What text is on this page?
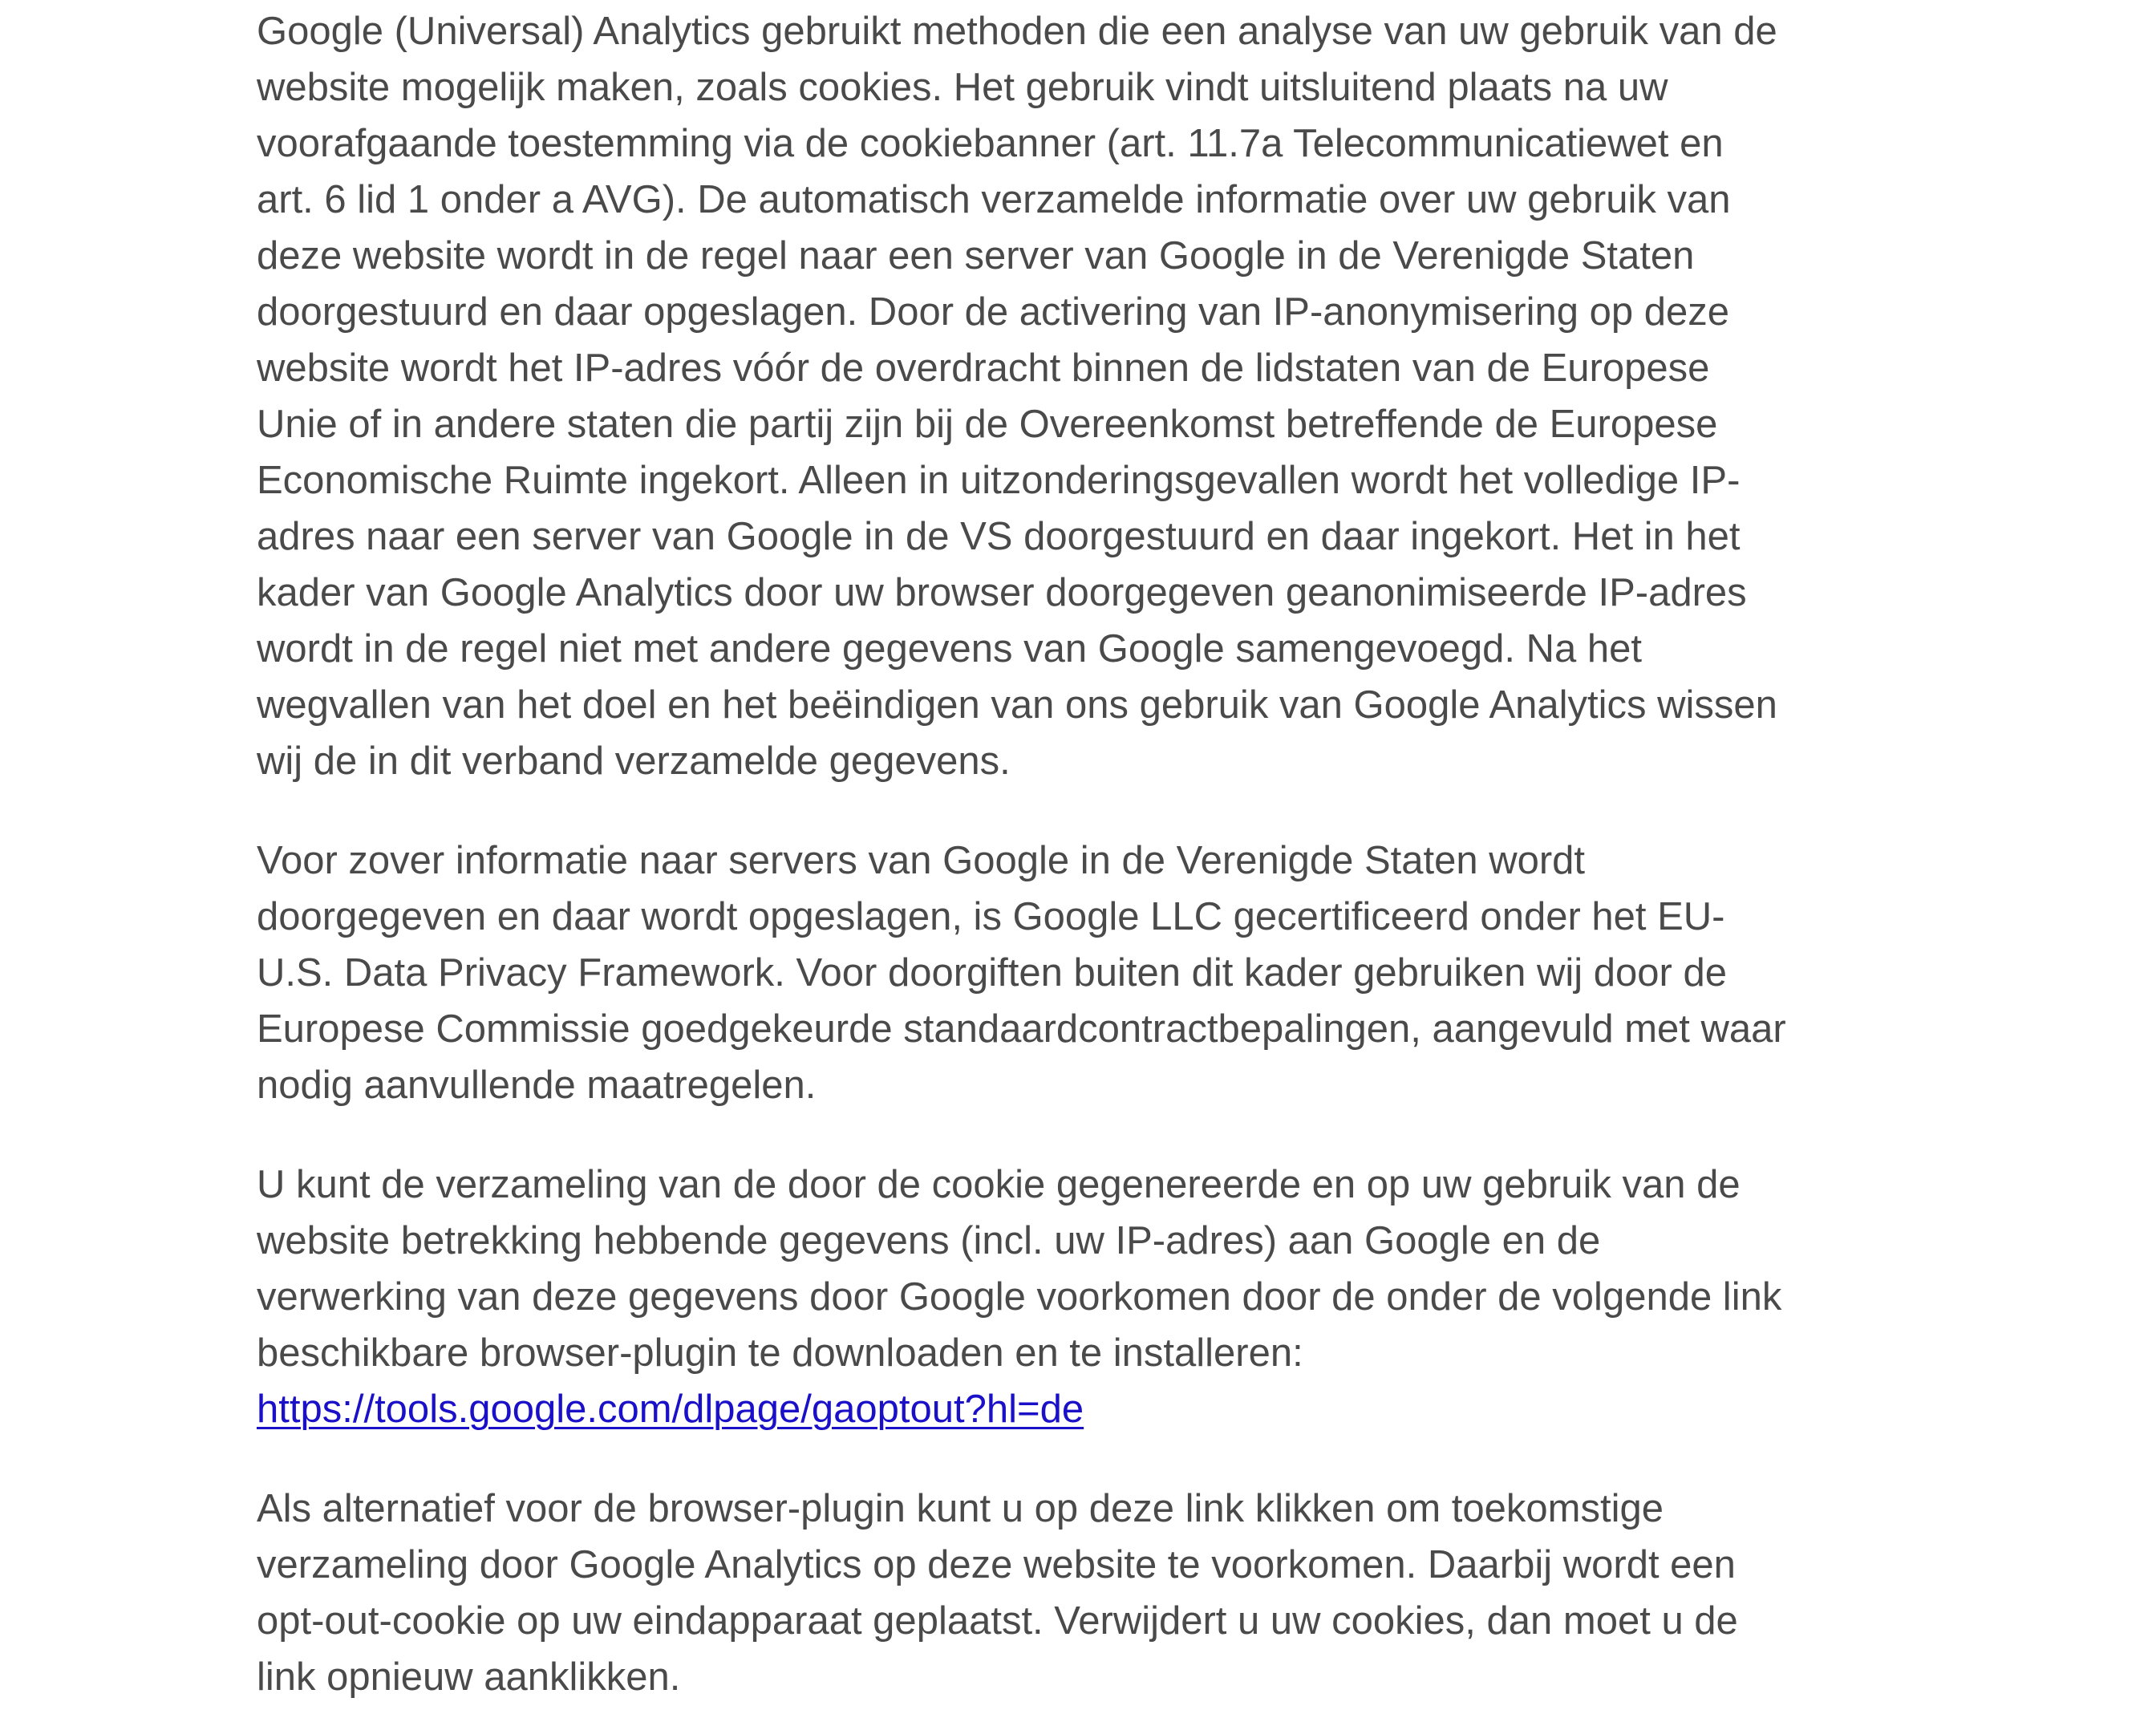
Google (Universal) Analytics gebruikt methoden die een analyse van uw gebruik van de
website mogelijk maken, zoals cookies. Het gebruik vindt uitsluitend plaats na uw
voorafgaande toestemming via de cookiebanner (art. 11.7a Telecommunicatiewet en
art. 6 lid 1 onder a AVG). De automatisch verzamelde informatie over uw gebruik van
deze website wordt in de regel naar een server van Google in de Verenigde Staten
doorgestuurd en daar opgeslagen. Door de activering van IP-anonymisering op deze
website wordt het IP-adres vóór de overdracht binnen de lidstaten van de Europese
Unie of in andere staten die partij zijn bij de Overeenkomst betreffende de Europese
Economische Ruimte ingekort. Alleen in uitzonderingsgevallen wordt het volledige IP-
adres naar een server van Google in de VS doorgestuurd en daar ingekort. Het in het
kader van Google Analytics door uw browser doorgegeven geanonimiseerde IP-adres
wordt in de regel niet met andere gegevens van Google samengevoegd. Na het
wegvallen van het doel en het beëindigen van ons gebruik van Google Analytics wissen
wij de in dit verband verzamelde gegevens.

Voor zover informatie naar servers van Google in de Verenigde Staten wordt
doorgegeven en daar wordt opgeslagen, is Google LLC gecertificeerd onder het EU-
U.S. Data Privacy Framework. Voor doorgiften buiten dit kader gebruiken wij door de
Europese Commissie goedgekeurde standaardcontractbepalingen, aangevuld met waar
nodig aanvullende maatregelen.

U kunt de verzameling van de door de cookie gegenereerde en op uw gebruik van de
website betrekking hebbende gegevens (incl. uw IP-adres) aan Google en de
verwerking van deze gegevens door Google voorkomen door de onder de volgende link
beschikbare browser-plugin te downloaden en te installeren:
https://tools.google.com/dlpage/gaoptout?hl=de

Als alternatief voor de browser-plugin kunt u op deze link klikken om toekomstige
verzameling door Google Analytics op deze website te voorkomen. Daarbij wordt een
opt-out-cookie op uw eindapparaat geplaatst. Verwijdert u uw cookies, dan moet u de
link opnieuw aanklikken.
